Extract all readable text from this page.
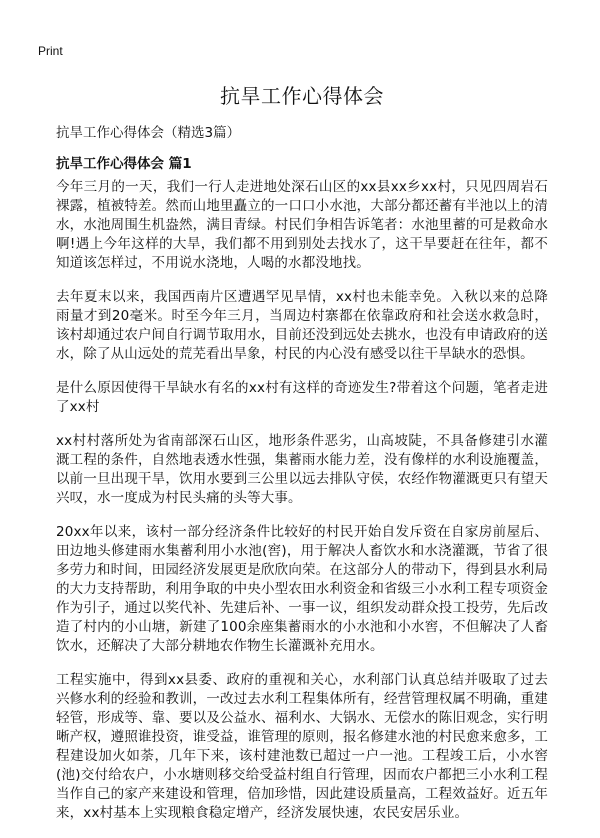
Print
抗旱工作心得体会

抗旱工作心得体会（精选3篇）

抗旱工作心得体会 篇1

今年三月的一天，我们一行人走进地处深石山区的xx县xx乡xx村，只见四周岩石裸露，植被特差。然而山地里矗立的一口口小水池，大部分都还蓄有半池以上的清水，水池周围生机盎然，满目青绿。村民们争相告诉笔者：水池里蓄的可是救命水啊!遇上今年这样的大旱，我们都不用到别处去找水了，这干旱要赶在往年，都不知道该怎样过，不用说水浇地，人喝的水都没地找。

去年夏末以来，我国西南片区遭遇罕见旱情，xx村也未能幸免。入秋以来的总降雨量才到20毫米。时至今年三月，当周边村寨都在依靠政府和社会送水救急时，该村却通过农户间自行调节取用水，目前还没到远处去挑水，也没有申请政府的送水，除了从山远处的荒芜看出旱象，村民的内心没有感受以往干旱缺水的恐惧。

是什么原因使得干旱缺水有名的xx村有这样的奇迹发生?带着这个问题，笔者走进了xx村

xx村村落所处为省南部深石山区，地形条件恶劣，山高坡陡，不具备修建引水灌溉工程的条件，自然地表透水性强，集蓄雨水能力差，没有像样的水利设施覆盖，以前一旦出现干旱，饮用水要到三公里以远去排队守侯，农经作物灌溉更只有望天兴叹，水一度成为村民头痛的头等大事。

20xx年以来，该村一部分经济条件比较好的村民开始自发斥资在自家房前屋后、田边地头修建雨水集蓄利用小水池(窖)，用于解决人畜饮水和水浇灌溉，节省了很多劳力和时间，田园经济发展更是欣欣向荣。在这部分人的带动下，得到县水利局的大力支持帮助，利用争取的中央小型农田水利资金和省级三小水利工程专项资金作为引子，通过以奖代补、先建后补、一事一议，组织发动群众投工投劳，先后改造了村内的小山塘，新建了100余座集蓄雨水的小水池和小水窖，不但解决了人畜饮水，还解决了大部分耕地农作物生长灌溉补充用水。

工程实施中，得到xx县委、政府的重视和关心，水利部门认真总结并吸取了过去兴修水利的经验和教训，一改过去水利工程集体所有，经营管理权属不明确，重建轻管，形成等、靠、要以及公益水、福利水、大锅水、无偿水的陈旧观念，实行明晰产权，遵照谁投资，谁受益，谁管理的原则，报名修建水池的村民愈来愈多，工程建设加火如荼，几年下来，该村建池数已超过一户一池。工程竣工后，小水窖(池)交付给农户，小水塘则移交给受益村组自行管理，因而农户都把三小水利工程当作自己的家产来建设和管理，倍加珍惜，因此建设质量高，工程效益好。近五年来，xx村基本上实现粮食稳定增产，经济发展快速，农民安居乐业。
